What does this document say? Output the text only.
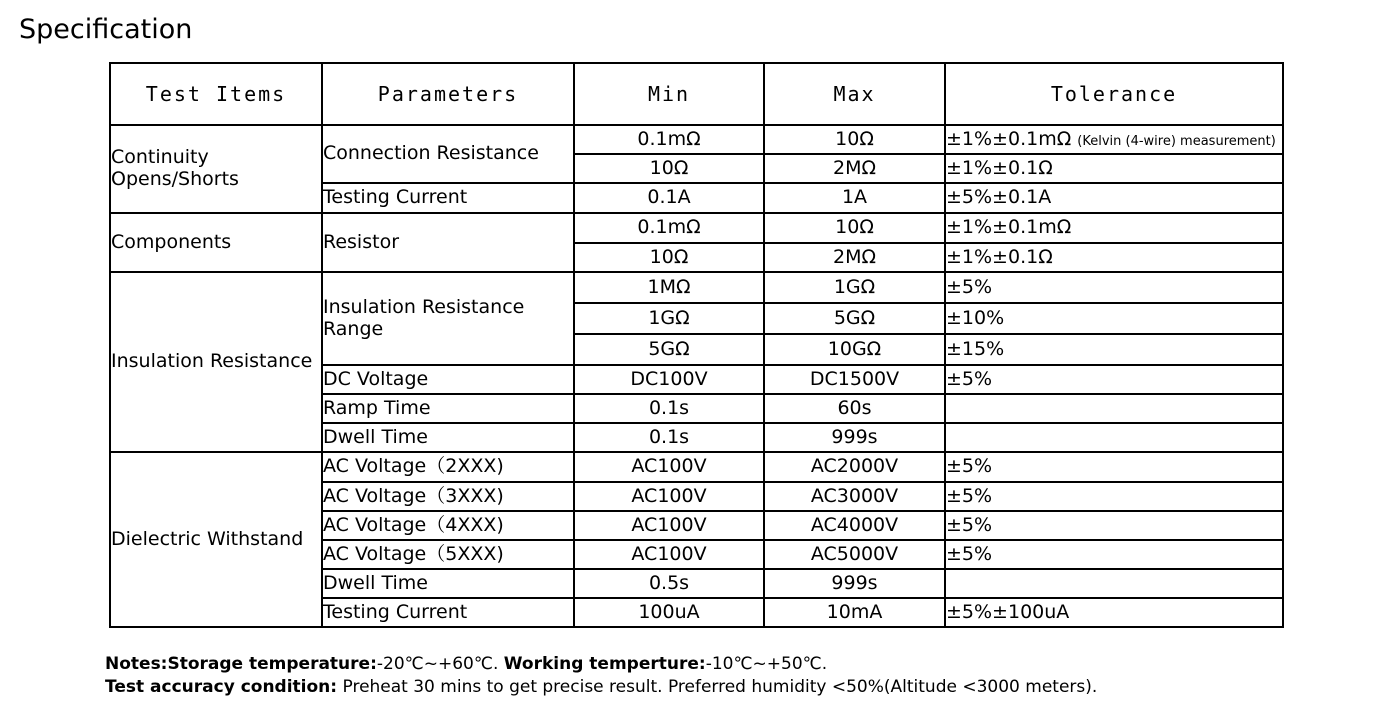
Specification
Test Items	Parameters	Min	Max	Tolerance
Continuity Opens/Shorts	Connection Resistance	0.1mΩ	10Ω	±1%±0.1mΩ (Kelvin (4-wire) measurement)
		10Ω	2MΩ	±1%±0.1Ω
	Testing Current	0.1A	1A	±5%±0.1A
Components	Resistor	0.1mΩ	10Ω	±1%±0.1mΩ
		10Ω	2MΩ	±1%±0.1Ω
Insulation Resistance	Insulation Resistance Range	1MΩ	1GΩ	±5%
		1GΩ	5GΩ	±10%
		5GΩ	10GΩ	±15%
	DC Voltage	DC100V	DC1500V	±5%
	Ramp Time	0.1s	60s	
	Dwell Time	0.1s	999s	
Dielectric Withstand	AC Voltage（2XXX)	AC100V	AC2000V	±5%
	AC Voltage（3XXX)	AC100V	AC3000V	±5%
	AC Voltage（4XXX)	AC100V	AC4000V	±5%
	AC Voltage（5XXX)	AC100V	AC5000V	±5%
	Dwell Time	0.5s	999s	
	Testing Current	100uA	10mA	±5%±100uA
Notes:Storage temperature:-20℃~+60℃. Working temperture:-10℃~+50℃.
Test accuracy condition: Preheat 30 mins to get precise result. Preferred humidity <50%(Altitude <3000 meters).
